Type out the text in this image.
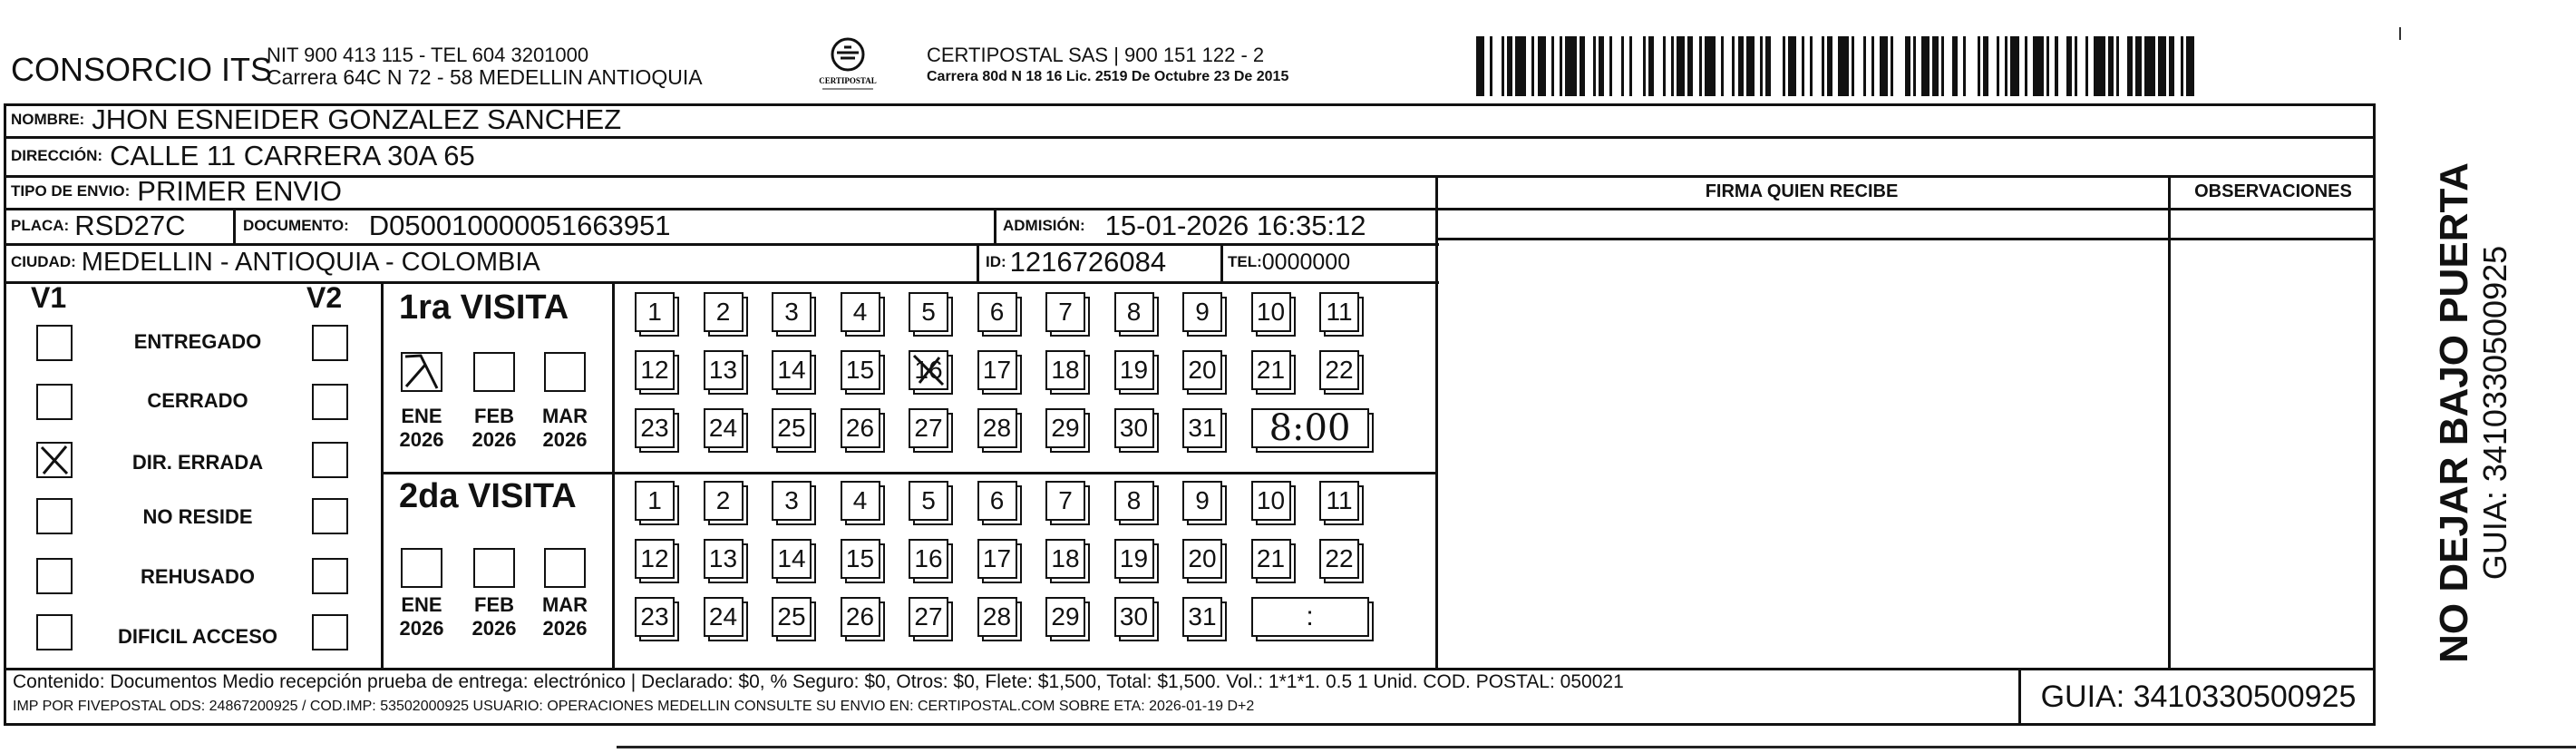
CONSORCIO ITS
NIT 900 413 115 - TEL 604 3201000
Carrera 64C N 72 - 58 MEDELLIN ANTIOQUIA	CERTIPOSTAL
CERTIPOSTAL SAS | 900 151 122 - 2
Carrera 80d N 18 16 Lic. 2519 De Octubre 23 De 2015
NOMBRE: JHON ESNEIDER GONZALEZ SANCHEZ
DIRECCIÓN: CALLE 11 CARRERA 30A 65
TIPO DE ENVIO: PRIMER ENVIO
PLACA: RSD27C	DOCUMENTO: D050010000051663951	ADMISIÓN: 15-01-2026 16:35:12
CIUDAD: MEDELLIN - ANTIOQUIA - COLOMBIA	ID: 1216726084	TEL: 0000000
FIRMA QUIEN RECIBE	OBSERVACIONES
V1	V2
ENTREGADO
CERRADO
DIR. ERRADA
NO RESIDE
REHUSADO
DIFICIL ACCESO
1ra VISITA
2da VISITA
ENE FEB MAR
2026 2026 2026
ENE FEB MAR
2026 2026 2026
1	2	3	4	5	6	7	8	9	10 11
12 13 14 15 16 17 18 19 20 21 22
23 24 25 26 27 28 29 30 31	8:00
1	2	3	4	5	6	7	8	9	10 11
12 13 14 15 16 17 18 19 20 21 22
23 24 25 26 27 28 29 30 31	:
Contenido: Documentos Medio recepción prueba de entrega: electrónico | Declarado: $0, % Seguro: $0, Otros: $0, Flete: $1,500, Total: $1,500. Vol.: 1*1*1. 0.5 1 Unid. COD. POSTAL: 050021
IMP POR FIVEPOSTAL ODS: 24867200925 / COD.IMP: 53502000925 USUARIO: OPERACIONES MEDELLIN CONSULTE SU ENVIO EN: CERTIPOSTAL.COM SOBRE ETA: 2026-01-19 D+2	GUIA: 3410330500925
NO DEJAR BAJO PUERTA GUIA: 3410330500925
